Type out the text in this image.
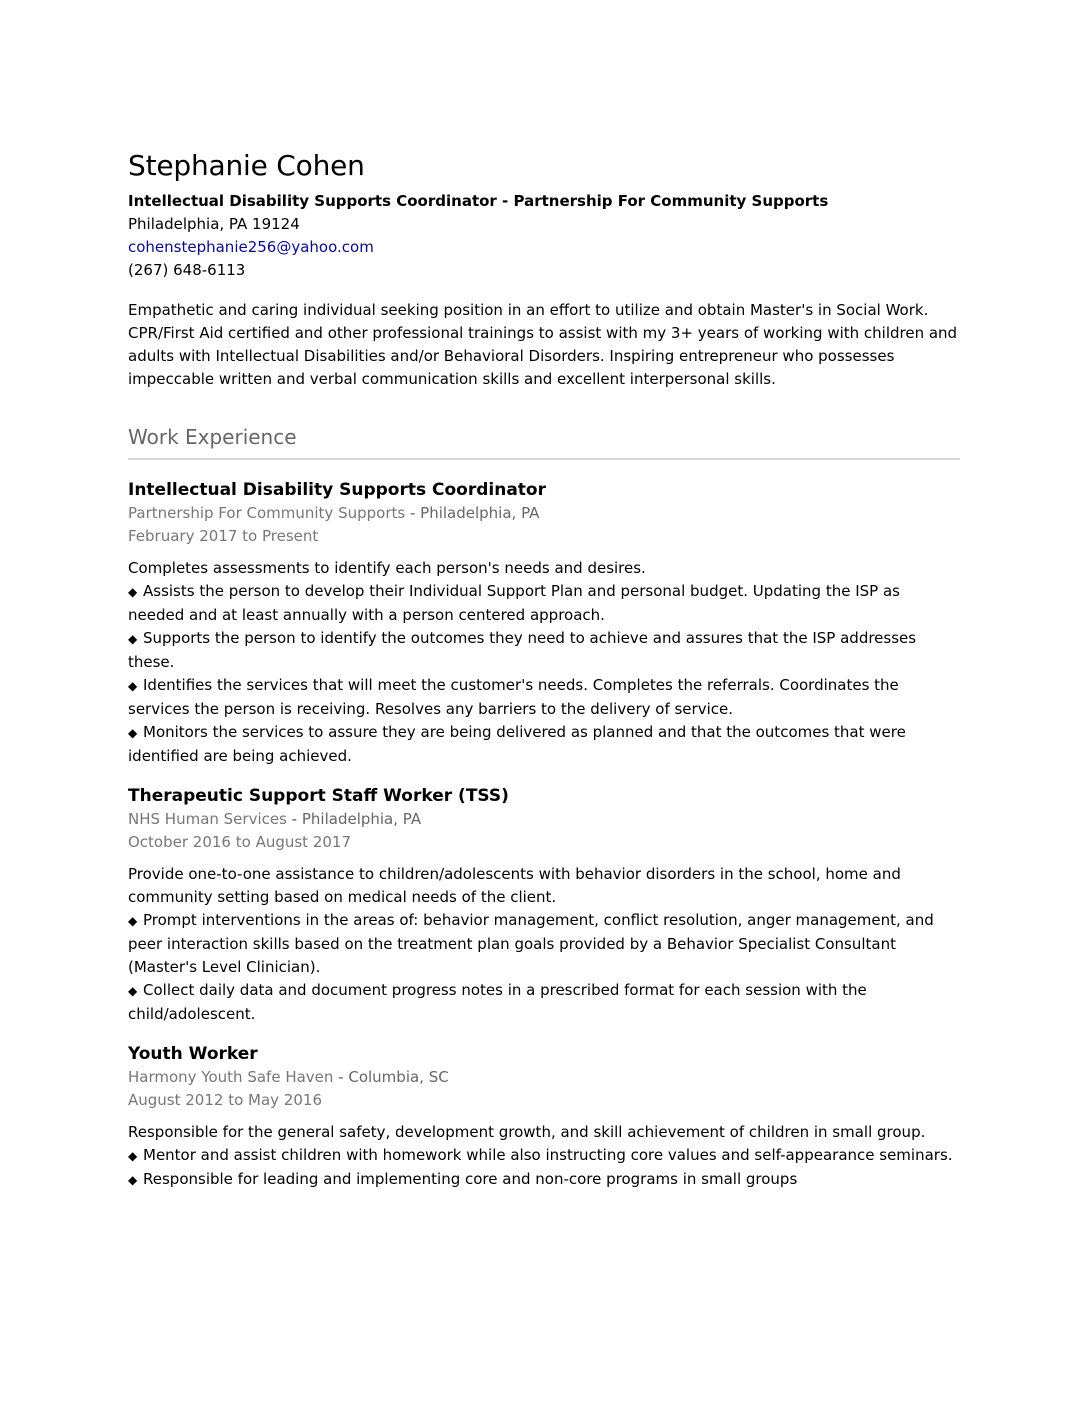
Stephanie Cohen

Intellectual Disability Supports Coordinator - Partnership For Community Supports

Philadelphia, PA 19124

cohenstephanie256@yahoo.com

(267) 648-6113

Empathetic and caring individual seeking position in an effort to utilize and obtain Master's in Social Work. CPR/First Aid certified and other professional trainings to assist with my 3+ years of working with children and adults with Intellectual Disabilities and/or Behavioral Disorders. Inspiring entrepreneur who possesses impeccable written and verbal communication skills and excellent interpersonal skills.

Work Experience
Intellectual Disability Supports Coordinator
Partnership For Community Supports - Philadelphia, PA
February 2017 to Present

Completes assessments to identify each person's needs and desires.

◆ Assists the person to develop their Individual Support Plan and personal budget. Updating the ISP as needed and at least annually with a person centered approach.

◆ Supports the person to identify the outcomes they need to achieve and assures that the ISP addresses these.

◆ Identifies the services that will meet the customer's needs. Completes the referrals. Coordinates the services the person is receiving. Resolves any barriers to the delivery of service.

◆ Monitors the services to assure they are being delivered as planned and that the outcomes that were identified are being achieved.

Therapeutic Support Staff Worker (TSS)
NHS Human Services - Philadelphia, PA
October 2016 to August 2017

Provide one-to-one assistance to children/adolescents with behavior disorders in the school, home and community setting based on medical needs of the client.

◆ Prompt interventions in the areas of: behavior management, conflict resolution, anger management, and peer interaction skills based on the treatment plan goals provided by a Behavior Specialist Consultant (Master's Level Clinician).

◆ Collect daily data and document progress notes in a prescribed format for each session with the child/adolescent.

Youth Worker
Harmony Youth Safe Haven - Columbia, SC
August 2012 to May 2016

Responsible for the general safety, development growth, and skill achievement of children in small group.

◆ Mentor and assist children with homework while also instructing core values and self-appearance seminars.

◆ Responsible for leading and implementing core and non-core programs in small groups
